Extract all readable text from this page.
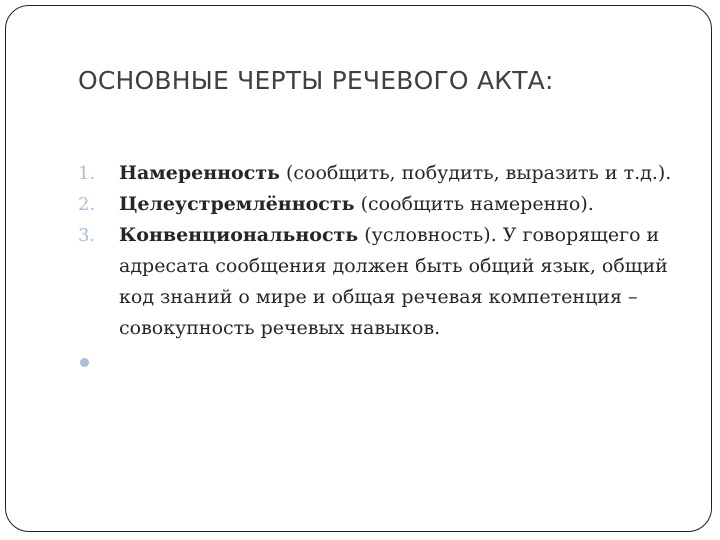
ОСНОВНЫЕ ЧЕРТЫ РЕЧЕВОГО АКТА:
1.	Намеренность (сообщить, побудить, выразить и т.д.).
2.	Целеустремлённость (сообщить намеренно).
3.	Конвенциональность (условность). У говорящего и адресата сообщения должен быть общий язык, общий код знаний о мире и общая речевая компетенция – совокупность речевых навыков.
